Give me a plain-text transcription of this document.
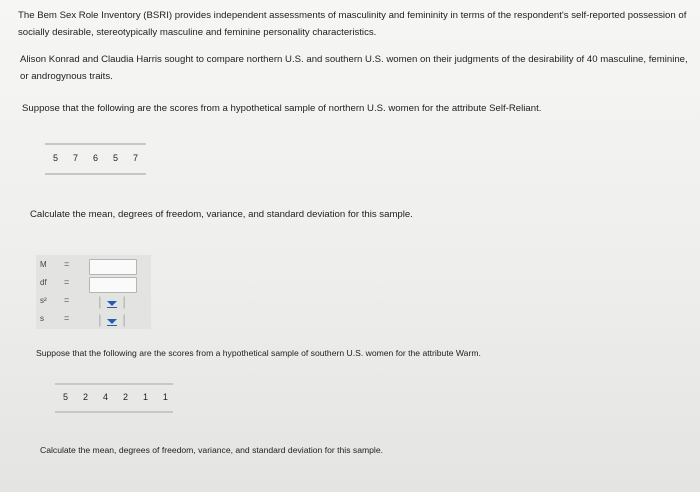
The Bem Sex Role Inventory (BSRI) provides independent assessments of masculinity and femininity in terms of the respondent's self-reported possession of socially desirable, stereotypically masculine and feminine personality characteristics.

Alison Konrad and Claudia Harris sought to compare northern U.S. and southern U.S. women on their judgments of the desirability of 40 masculine, feminine, or androgynous traits.

Suppose that the following are the scores from a hypothetical sample of northern U.S. women for the attribute Self-Reliant.

5 7 6 5 7

Calculate the mean, degrees of freedom, variance, and standard deviation for this sample.

M =
df =
s² =
s =

Suppose that the following are the scores from a hypothetical sample of southern U.S. women for the attribute Warm.

5 2 4 2 1 1

Calculate the mean, degrees of freedom, variance, and standard deviation for this sample.
